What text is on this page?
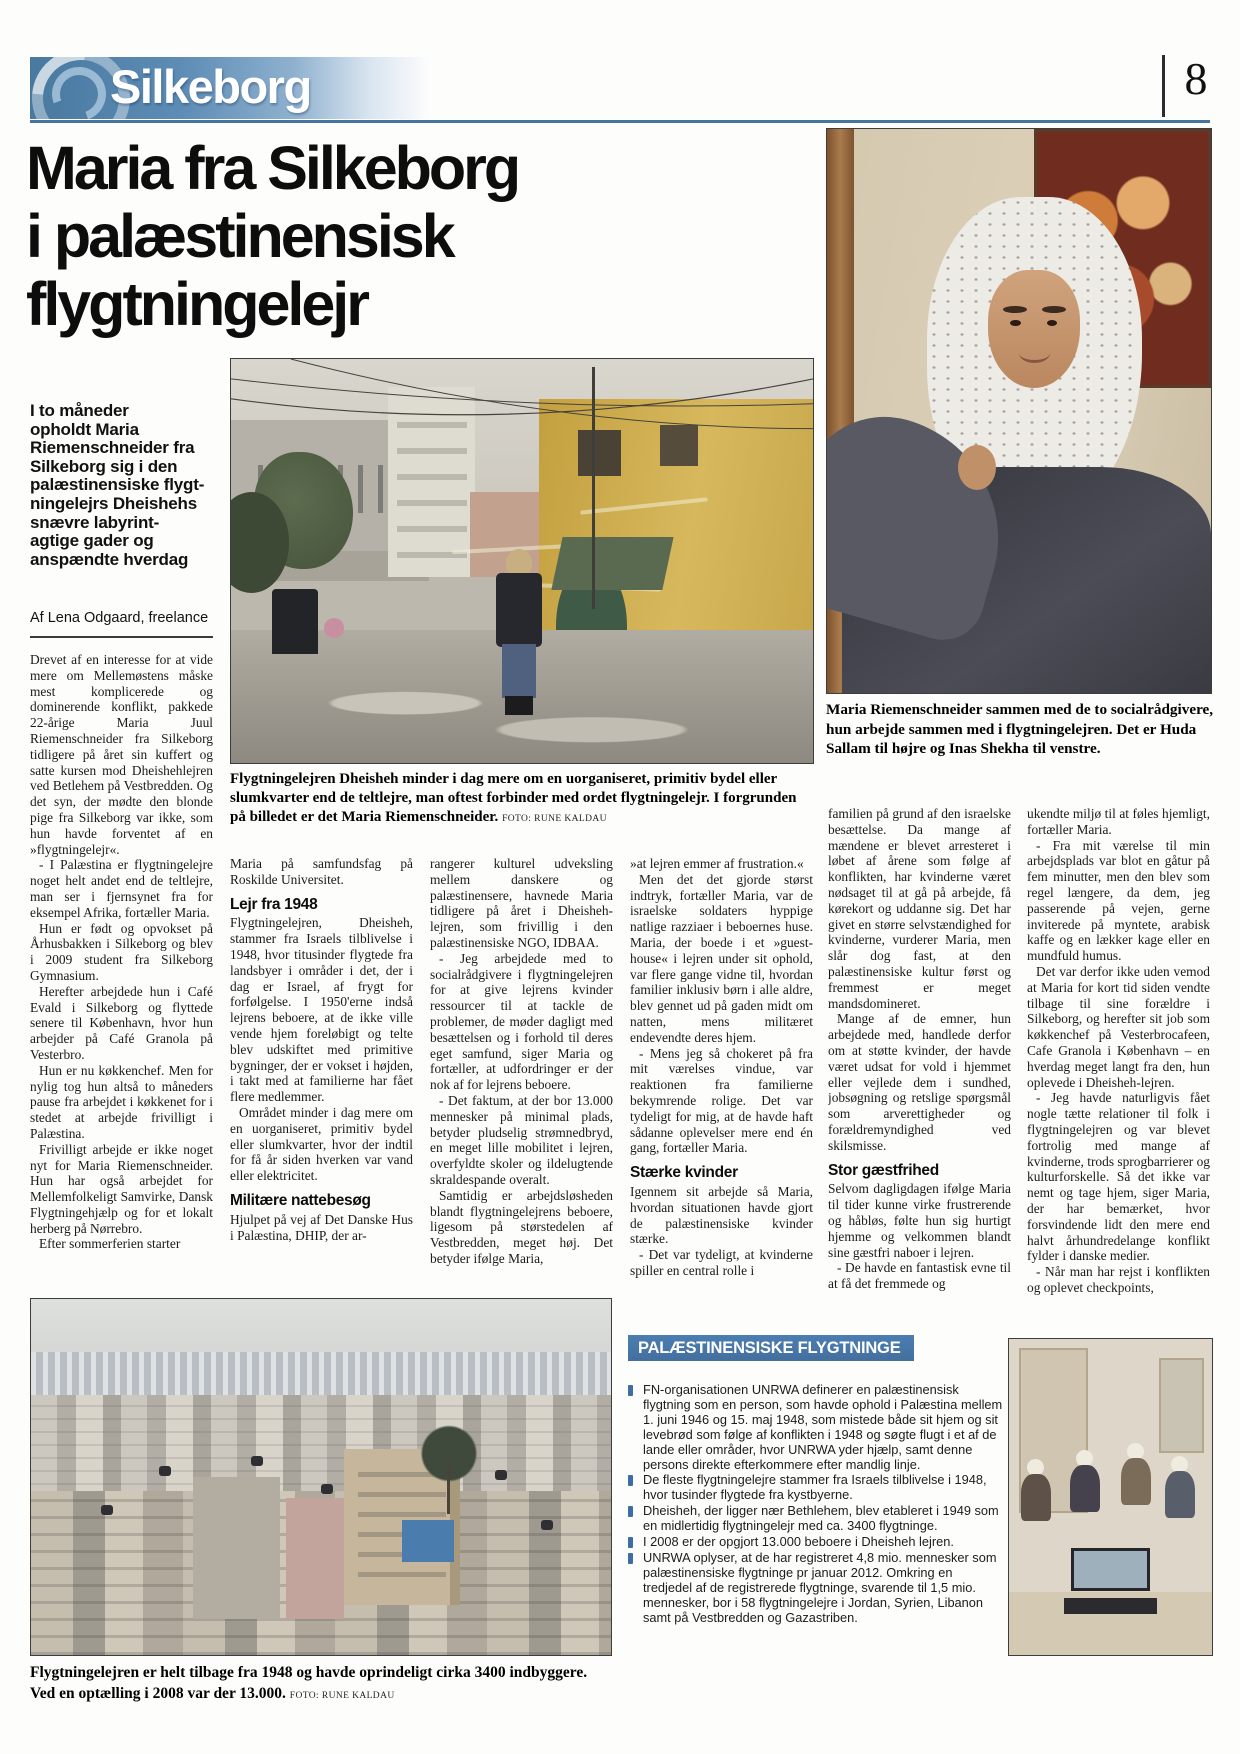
Silkeborg	8
Maria fra Silkeborg
i palæstinensisk
flygtningelejr
I to måneder
opholdt Maria
Riemenschneider fra
Silkeborg sig i den
palæstinensiske flygt-
ningelejrs Dheishehs
snævre labyrint-
agtige gader og
anspændte hverdag
Af Lena Odgaard, freelance

Maria Riemenschneider sammen med de to socialrådgivere, hun arbejde sammen med i flygtningelejren. Det er Huda Sallam til højre og Inas Shekha til venstre.

Flygtningelejren Dheisheh minder i dag mere om en uorganiseret, primitiv bydel eller slumkvarter end de teltlejre, man oftest forbinder med ordet flygtningelejr. I forgrunden på billedet er det Maria Riemenschneider. FOTO: RUNE KALDAU

Drevet af en interesse for at vide mere om Mellemøstens måske mest komplicerede og dominerende konflikt, pakkede 22-årige Maria Juul Riemenschneider fra Silkeborg tidligere på året sin kuffert og satte kursen mod Dheishehlejren ved Betlehem på Vestbredden. Og det syn, der mødte den blonde pige fra Silkeborg var ikke, som hun havde forventet af en »flygtningelejr«.

- I Palæstina er flygtningelejre noget helt andet end de teltlejre, man ser i fjernsynet fra for eksempel Afrika, fortæller Maria.

Hun er født og opvokset på Århusbakken i Silkeborg og blev i 2009 student fra Silkeborg Gymnasium.

Herefter arbejdede hun i Café Evald i Silkeborg og flyttede senere til København, hvor hun arbejder på Café Granola på Vesterbro.

Hun er nu køkkenchef. Men for nylig tog hun altså to måneders pause fra arbejdet i køkkenet for i stedet at arbejde frivilligt i Palæstina.

Frivilligt arbejde er ikke noget nyt for Maria Riemenschneider. Hun har også arbejdet for Mellemfolkeligt Samvirke, Dansk Flygtningehjælp og for et lokalt herberg på Nørrebro.

Efter sommerferien starter

Maria på samfundsfag på Roskilde Universitet.

Lejr fra 1948

Flygtningelejren, Dheisheh, stammer fra Israels tilblivelse i 1948, hvor titusinder flygtede fra landsbyer i områder i det, der i dag er Israel, af frygt for forfølgelse. I 1950'erne indså lejrens beboere, at de ikke ville vende hjem foreløbigt og telte blev udskiftet med primitive bygninger, der er vokset i højden, i takt med at familierne har fået flere medlemmer.

Området minder i dag mere om en uorganiseret, primitiv bydel eller slumkvarter, hvor der indtil for få år siden hverken var vand eller elektricitet.

Militære nattebesøg

Hjulpet på vej af Det Danske Hus i Palæstina, DHIP, der ar-

rangerer kulturel udveksling mellem danskere og palæstinensere, havnede Maria tidligere på året i Dheisheh-lejren, som frivillig i den palæstinensiske NGO, IDBAA.

- Jeg arbejdede med to socialrådgivere i flygtningelejren for at give lejrens kvinder ressourcer til at tackle de problemer, de møder dagligt med besættelsen og i forhold til deres eget samfund, siger Maria og fortæller, at udfordringer er der nok af for lejrens beboere.

- Det faktum, at der bor 13.000 mennesker på minimal plads, betyder pludselig strømnedbryd, en meget lille mobilitet i lejren, overfyldte skoler og ildelugtende skraldespande overalt.

Samtidig er arbejdsløsheden blandt flygtningelejrens beboere, ligesom på størstedelen af Vestbredden, meget høj. Det betyder ifølge Maria,

»at lejren emmer af frustration.«

Men det det gjorde størst indtryk, fortæller Maria, var de israelske soldaters hyppige natlige razziaer i beboernes huse. Maria, der boede i et »guest-house« i lejren under sit ophold, var flere gange vidne til, hvordan familier inklusiv børn i alle aldre, blev gennet ud på gaden midt om natten, mens militæret endevendte deres hjem.

- Mens jeg så chokeret på fra mit værelses vindue, var reaktionen fra familierne bekymrende rolige. Det var tydeligt for mig, at de havde haft sådanne oplevelser mere end én gang, fortæller Maria.

Stærke kvinder

Igennem sit arbejde så Maria, hvordan situationen havde gjort de palæstinensiske kvinder stærke.

- Det var tydeligt, at kvinderne spiller en central rolle i

familien på grund af den israelske besættelse. Da mange af mændene er blevet arresteret i løbet af årene som følge af konflikten, har kvinderne været nødsaget til at gå på arbejde, få kørekort og uddanne sig. Det har givet en større selvstændighed for kvinderne, vurderer Maria, men slår dog fast, at den palæstinensiske kultur først og fremmest er meget mandsdomineret.

Mange af de emner, hun arbejdede med, handlede derfor om at støtte kvinder, der havde været udsat for vold i hjemmet eller vejlede dem i sundhed, jobsøgning og retslige spørgsmål som arverettigheder og forældremyndighed ved skilsmisse.

Stor gæstfrihed

Selvom dagligdagen ifølge Maria til tider kunne virke frustrerende og håbløs, følte hun sig hurtigt hjemme og velkommen blandt sine gæstfri naboer i lejren.

- De havde en fantastisk evne til at få det fremmede og

ukendte miljø til at føles hjemligt, fortæller Maria.

- Fra mit værelse til min arbejdsplads var blot en gåtur på fem minutter, men den blev som regel længere, da dem, jeg passerende på vejen, gerne inviterede på myntete, arabisk kaffe og en lækker kage eller en mundfuld humus.

Det var derfor ikke uden vemod at Maria for kort tid siden vendte tilbage til sine forældre i Silkeborg, og herefter sit job som køkkenchef på Vesterbrocafeen, Cafe Granola i København – en hverdag meget langt fra den, hun oplevede i Dheisheh-lejren.

- Jeg havde naturligvis fået nogle tætte relationer til folk i flygtningelejren og var blevet fortrolig med mange af kvinderne, trods sprogbarrierer og kulturforskelle. Så det ikke var nemt og tage hjem, siger Maria, der har bemærket, hvor forsvindende lidt den mere end halvt århundredelange konflikt fylder i danske medier.

- Når man har rejst i konflikten og oplevet checkpoints,

Flygtningelejren er helt tilbage fra 1948 og havde oprindeligt cirka 3400 indbyggere. Ved en optælling i 2008 var der 13.000. FOTO: RUNE KALDAU

PALÆSTINENSISKE FLYGTNINGE
FN-organisationen UNRWA definerer en palæstinensisk flygtning som en person, som havde ophold i Palæstina mellem 1. juni 1946 og 15. maj 1948, som mistede både sit hjem og sit levebrød som følge af konflikten i 1948 og søgte flugt i et af de lande eller områder, hvor UNRWA yder hjælp, samt denne persons direkte efterkommere efter mandlig linje.
De fleste flygtningelejre stammer fra Israels tilblivelse i 1948, hvor tusinder flygtede fra kystbyerne.
Dheisheh, der ligger nær Bethlehem, blev etableret i 1949 som en midlertidig flygtningelejr med ca. 3400 flygtninge.
I 2008 er der opgjort 13.000 beboere i Dheisheh lejren.
UNRWA oplyser, at de har registreret 4,8 mio. mennesker som palæstinensiske flygtninge pr januar 2012. Omkring en tredjedel af de registrerede flygtninge, svarende til 1,5 mio. mennesker, bor i 58 flygtningelejre i Jordan, Syrien, Libanon samt på Vestbredden og Gazastriben.
